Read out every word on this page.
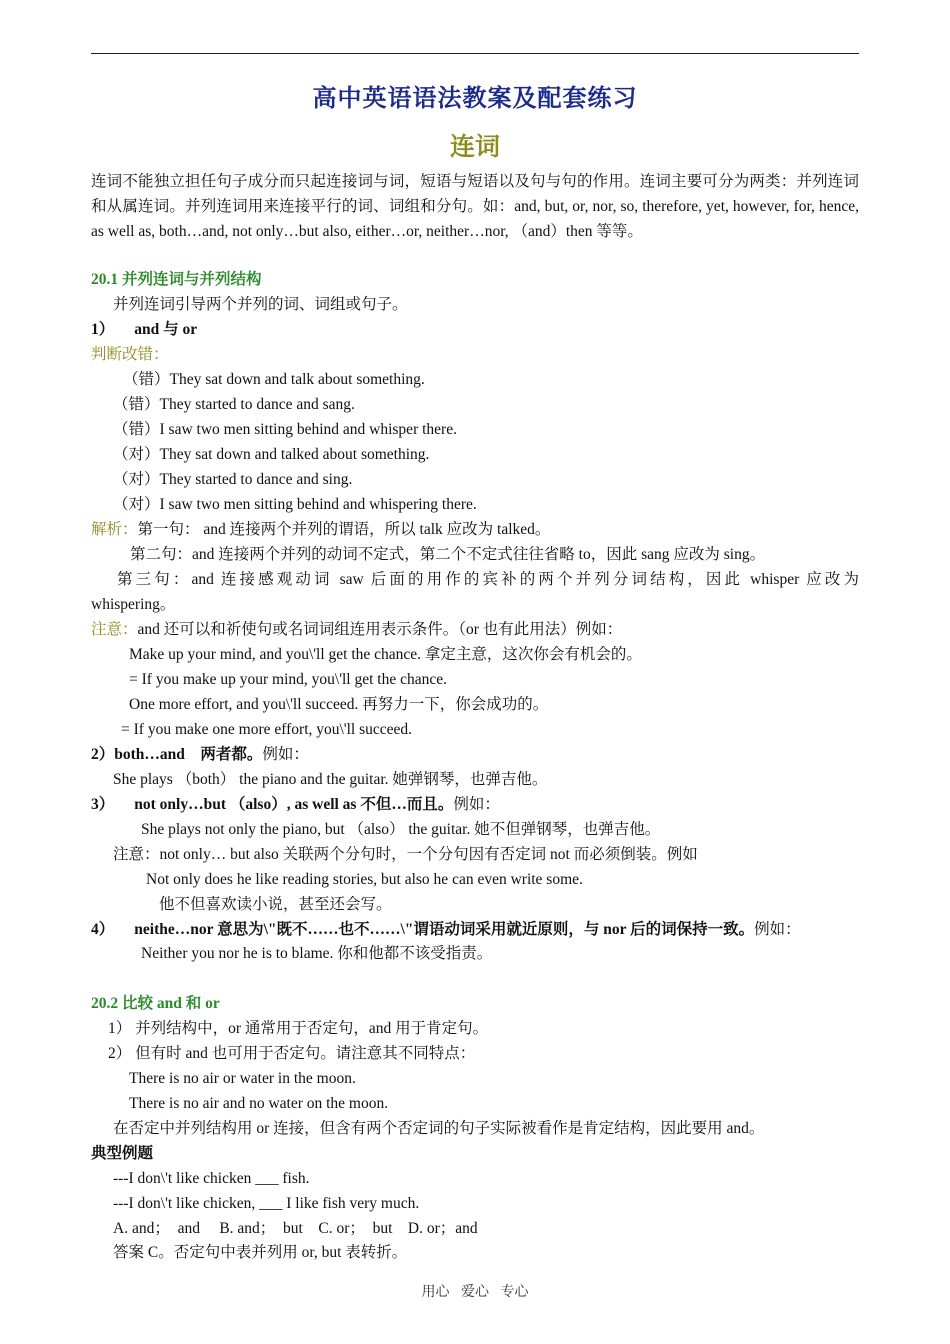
高中英语语法教案及配套练习
连词
连词不能独立担任句子成分而只起连接词与词，短语与短语以及句与句的作用。连词主要可分为两类：并列连词和从属连词。并列连词用来连接平行的词、词组和分句。如：and, but, or, nor, so, therefore, yet, however, for, hence, as well as, both…and, not only…but also, either…or, neither…nor, （and）then 等等。
20.1 并列连词与并列结构
并列连词引导两个并列的词、词组或句子。
1） and 与 or
判断改错：
（错）They sat down and talk about something.
（错）They started to dance and sang.
（错）I saw two men sitting behind and whisper there.
（对）They sat down and talked about something.
（对）They started to dance and sing.
（对）I saw two men sitting behind and whispering there.
解析：第一句： and 连接两个并列的谓语，所以 talk 应改为 talked。
第二句：and 连接两个并列的动词不定式，第二个不定式往往省略 to，因此 sang 应改为 sing。
第三句：and 连接感观动词 saw 后面的用作的宾补的两个并列分词结构，因此 whisper 应改为
whispering。
注意：and 还可以和祈使句或名词词组连用表示条件。（or 也有此用法）例如：
Make up your mind, and you\'ll get the chance. 拿定主意，这次你会有机会的。
= If you make up your mind, you\'ll get the chance.
One more effort, and you\'ll succeed. 再努力一下，你会成功的。
= If you make one more effort, you\'ll succeed.
2）both…and　两者都。例如：
She plays （both） the piano and the guitar. 她弹钢琴，也弹吉他。
3） not only…but （also）, as well as 不但…而且。例如：
She plays not only the piano, but （also） the guitar. 她不但弹钢琴，也弹吉他。
注意：not only… but also 关联两个分句时，一个分句因有否定词 not 而必须倒装。例如
Not only does he like reading stories, but also he can even write some.
他不但喜欢读小说，甚至还会写。
4） neithe…nor 意思为\"既不……也不……\"谓语动词采用就近原则，与 nor 后的词保持一致。例如：
Neither you nor he is to blame. 你和他都不该受指责。
20.2 比较 and 和 or
1） 并列结构中，or 通常用于否定句，and 用于肯定句。
2） 但有时 and 也可用于否定句。请注意其不同特点：
There is no air or water in the moon.
There is no air and no water on the moon.
在否定中并列结构用 or 连接，但含有两个否定词的句子实际被看作是肯定结构，因此要用 and。
典型例题
---I don\'t like chicken ___ fish.
---I don\'t like chicken, ___ I like fish very much.
A. and；  and     B. and；  but    C. or；  but    D. or；and
答案 C。否定句中表并列用 or, but 表转折。
用心 爱心 专心
